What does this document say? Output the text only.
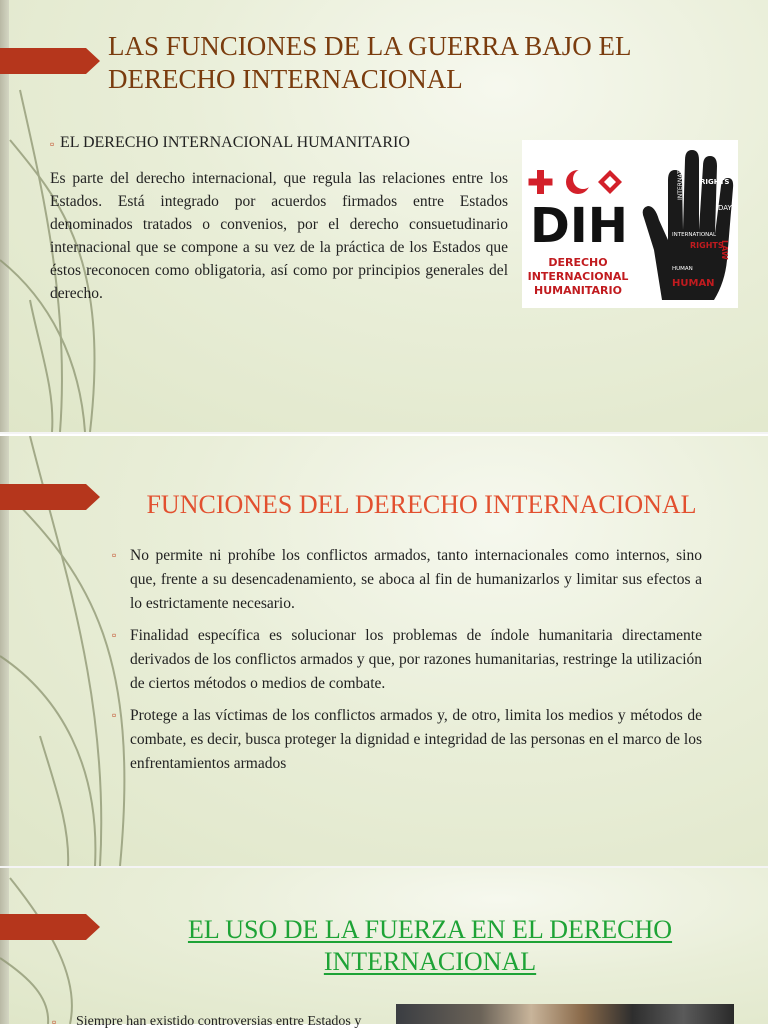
LAS FUNCIONES DE LA GUERRA BAJO EL DERECHO INTERNACIONAL
▫ EL DERECHO INTERNACIONAL HUMANITARIO

Es parte del derecho internacional, que regula las relaciones entre los Estados. Está integrado por acuerdos firmados entre Estados denominados tratados o convenios, por el derecho consuetudinario internacional que se compone a su vez de la práctica de los Estados que éstos reconocen como obligatoria, así como por principios generales del derecho.

DIH
DERECHO
INTERNACIONAL
HUMANITARIO
INTERNATIONAL RIGHTS
HUMAN
DAY
LAW
RIGHTS
INTERNATIONAL
HUMAN
FUNCIONES DEL DERECHO INTERNACIONAL
▫ No permite ni prohíbe los conflictos armados, tanto internacionales como internos, sino que, frente a su desencadenamiento, se aboca al fin de humanizarlos y limitar sus efectos a lo estrictamente necesario.
▫ Finalidad específica es solucionar los problemas de índole humanitaria directamente derivados de los conflictos armados y que, por razones humanitarias, restringe la utilización de ciertos métodos o medios de combate.
▫ Protege a las víctimas de los conflictos armados y, de otro, limita los medios y métodos de combate, es decir, busca proteger la dignidad e integridad de las personas en el marco de los enfrentamientos armados
EL USO DE LA FUERZA EN EL DERECHO INTERNACIONAL
▫ Siempre han existido controversias entre Estados y
